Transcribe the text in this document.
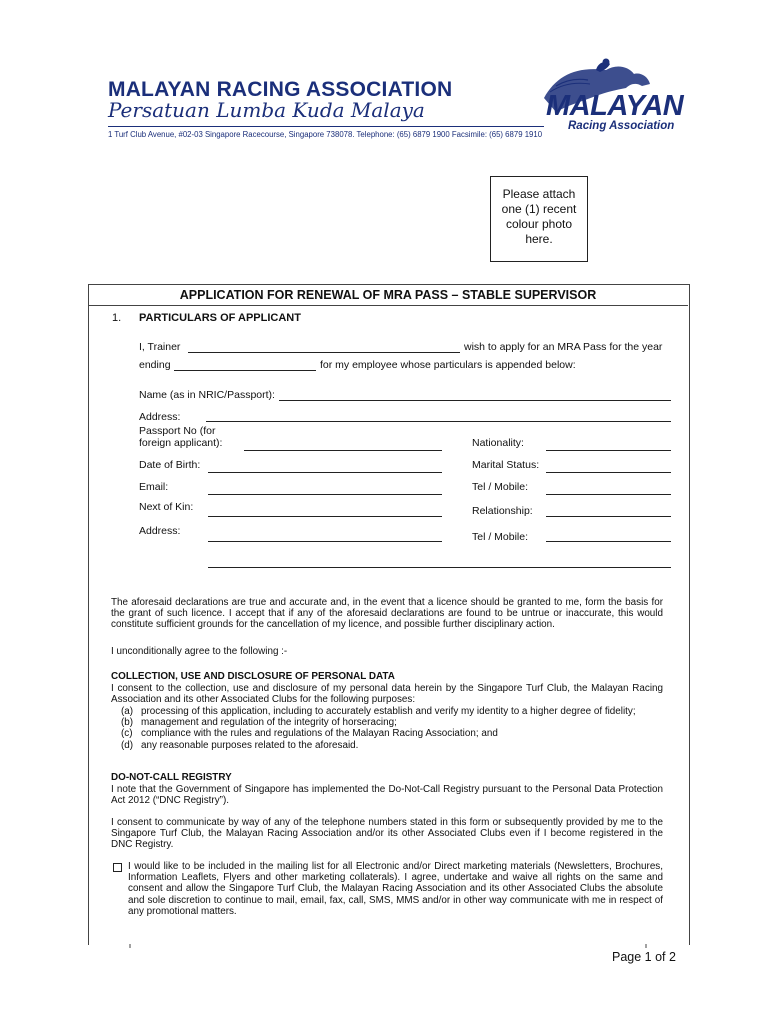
MALAYAN RACING ASSOCIATION
Persatuan Lumba Kuda Malaya
1 Turf Club Avenue, #02-03 Singapore Racecourse, Singapore 738078. Telephone: (65) 6879 1900 Facsimile: (65) 6879 1910
MALAYAN
Racing Association
Please attach
one (1) recent
colour photo
here.
APPLICATION FOR RENEWAL OF MRA PASS – STABLE SUPERVISOR
1. PARTICULARS OF APPLICANT
I, Trainer	wish to apply for an MRA Pass for the year
ending	for my employee whose particulars is appended below:
Name (as in NRIC/Passport):
Address:
Passport No (for
foreign applicant):	Nationality:
Date of Birth:	Marital Status:
Email:	Tel / Mobile:
Next of Kin:	Relationship:
Address:	Tel / Mobile:
The aforesaid declarations are true and accurate and, in the event that a licence should be granted to me, form the basis for the grant of such licence. I accept that if any of the aforesaid declarations are found to be untrue or inaccurate, this would constitute sufficient grounds for the cancellation of my licence, and possible further disciplinary action.
I unconditionally agree to the following :-
COLLECTION, USE AND DISCLOSURE OF PERSONAL DATA
I consent to the collection, use and disclosure of my personal data herein by the Singapore Turf Club, the Malayan Racing Association and its other Associated Clubs for the following purposes:
(a) processing of this application, including to accurately establish and verify my identity to a higher degree of fidelity;
(b) management and regulation of the integrity of horseracing;
(c) compliance with the rules and regulations of the Malayan Racing Association; and
(d) any reasonable purposes related to the aforesaid.
DO-NOT-CALL REGISTRY
I note that the Government of Singapore has implemented the Do-Not-Call Registry pursuant to the Personal Data Protection Act 2012 (“DNC Registry”).
I consent to communicate by way of any of the telephone numbers stated in this form or subsequently provided by me to the Singapore Turf Club, the Malayan Racing Association and/or its other Associated Clubs even if I become registered in the DNC Registry.
I would like to be included in the mailing list for all Electronic and/or Direct marketing materials (Newsletters, Brochures, Information Leaflets, Flyers and other marketing collaterals). I agree, undertake and waive all rights on the same and consent and allow the Singapore Turf Club, the Malayan Racing Association and its other Associated Clubs the absolute and sole discretion to continue to mail, email, fax, call, SMS, MMS and/or in other way communicate with me in respect of any promotional matters.
Page 1 of 2
